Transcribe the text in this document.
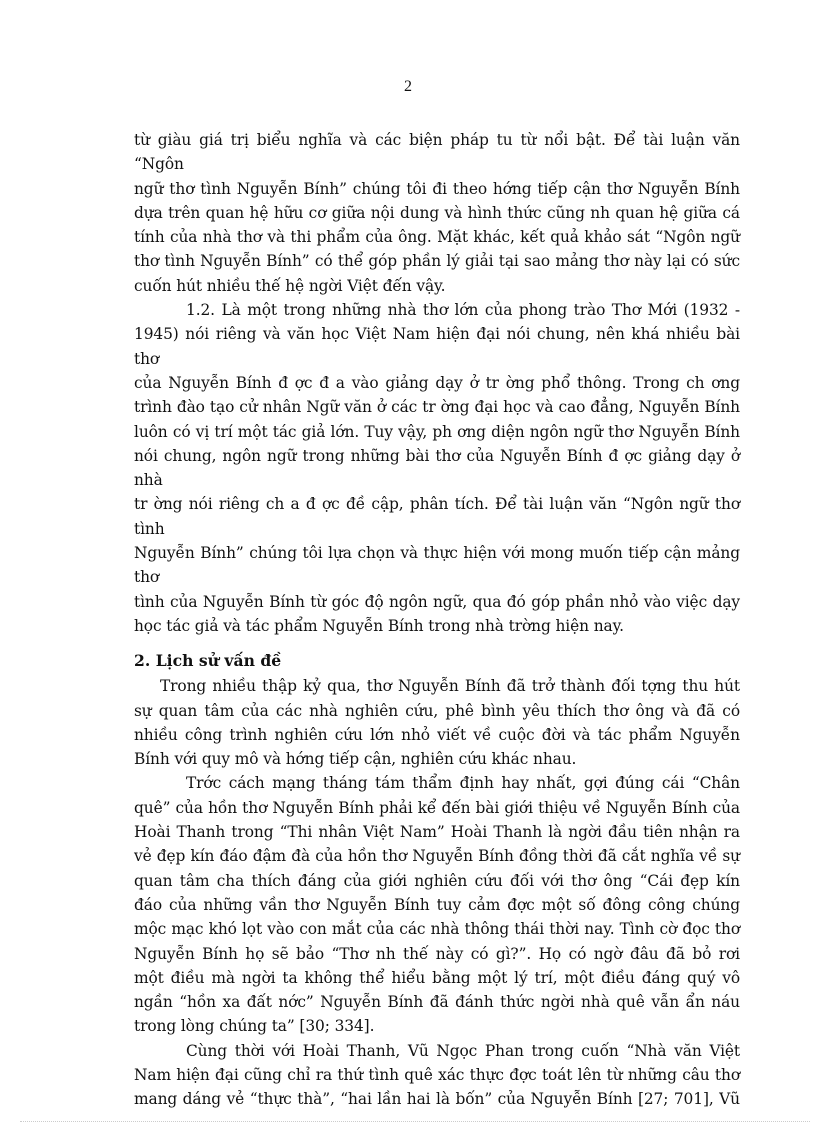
2

từ giàu giá trị biểu nghĩa và các biện pháp tu từ nổi bật. Để tài luận văn “Ngôn
ngữ thơ tình Nguyễn Bính” chúng tôi đi theo hớng tiếp cận thơ Nguyễn Bính
dựa trên quan hệ hữu cơ giữa nội dung và hình thức cũng nh quan hệ giữa cá
tính của nhà thơ và thi phẩm của ông. Mặt khác, kết quả khảo sát “Ngôn ngữ
thơ tình Nguyễn Bính” có thể góp phần lý giải tại sao mảng thơ này lại có sức
cuốn hút nhiều thế hệ ngời Việt đến vậy.

1.2. Là một trong những nhà thơ lớn của phong trào Thơ Mới (1932 -
1945) nói riêng và văn học Việt Nam hiện đại nói chung, nên khá nhiều bài thơ
của Nguyễn Bính đ ợc đ a vào giảng dạy ở tr ờng phổ thông. Trong ch ơng
trình đào tạo cử nhân Ngữ văn ở các tr ờng đại học và cao đẳng, Nguyễn Bính
luôn có vị trí một tác giả lớn. Tuy vậy, ph ơng diện ngôn ngữ thơ Nguyễn Bính
nói chung, ngôn ngữ trong những bài thơ của Nguyễn Bính đ ợc giảng dạy ở nhà
tr ờng nói riêng ch a đ ợc đề cập, phân tích. Để tài luận văn “Ngôn ngữ thơ tình
Nguyễn Bính” chúng tôi lựa chọn và thực hiện với mong muốn tiếp cận mảng thơ
tình của Nguyễn Bính từ góc độ ngôn ngữ, qua đó góp phần nhỏ vào việc dạy
học tác giả và tác phẩm Nguyễn Bính trong nhà trờng hiện nay.

2. Lịch sử vấn đề

Trong nhiều thập kỷ qua, thơ Nguyễn Bính đã trở thành đối tợng thu hút
sự quan tâm của các nhà nghiên cứu, phê bình yêu thích thơ ông và đã có
nhiều công trình nghiên cứu lớn nhỏ viết về cuộc đời và tác phẩm Nguyễn
Bính với quy mô và hớng tiếp cận, nghiên cứu khác nhau.

Trớc cách mạng tháng tám thẩm định hay nhất, gợi đúng cái “Chân
quê” của hồn thơ Nguyễn Bính phải kể đến bài giới thiệu về Nguyễn Bính của
Hoài Thanh trong “Thi nhân Việt Nam” Hoài Thanh là ngời đầu tiên nhận ra
vẻ đẹp kín đáo đậm đà của hồn thơ Nguyễn Bính đồng thời đã cắt nghĩa về sự
quan tâm cha thích đáng của giới nghiên cứu đối với thơ ông “Cái đẹp kín
đáo của những vần thơ Nguyễn Bính tuy cảm đợc một số đông công chúng
mộc mạc khó lọt vào con mắt của các nhà thông thái thời nay. Tình cờ đọc thơ
Nguyễn Bính họ sẽ bảo “Thơ nh thế này có gì?”. Họ có ngờ đâu đã bỏ rơi
một điều mà ngời ta không thể hiểu bằng một lý trí, một điều đáng quý vô
ngần “hồn xa đất nớc” Nguyễn Bính đã đánh thức ngời nhà quê vẫn ẩn náu
trong lòng chúng ta” [30; 334].

Cùng thời với Hoài Thanh, Vũ Ngọc Phan trong cuốn “Nhà văn Việt
Nam hiện đại cũng chỉ ra thứ tình quê xác thực đợc toát lên từ những câu thơ
mang dáng vẻ “thực thà”, “hai lần hai là bốn” của Nguyễn Bính [27; 701], Vũ
